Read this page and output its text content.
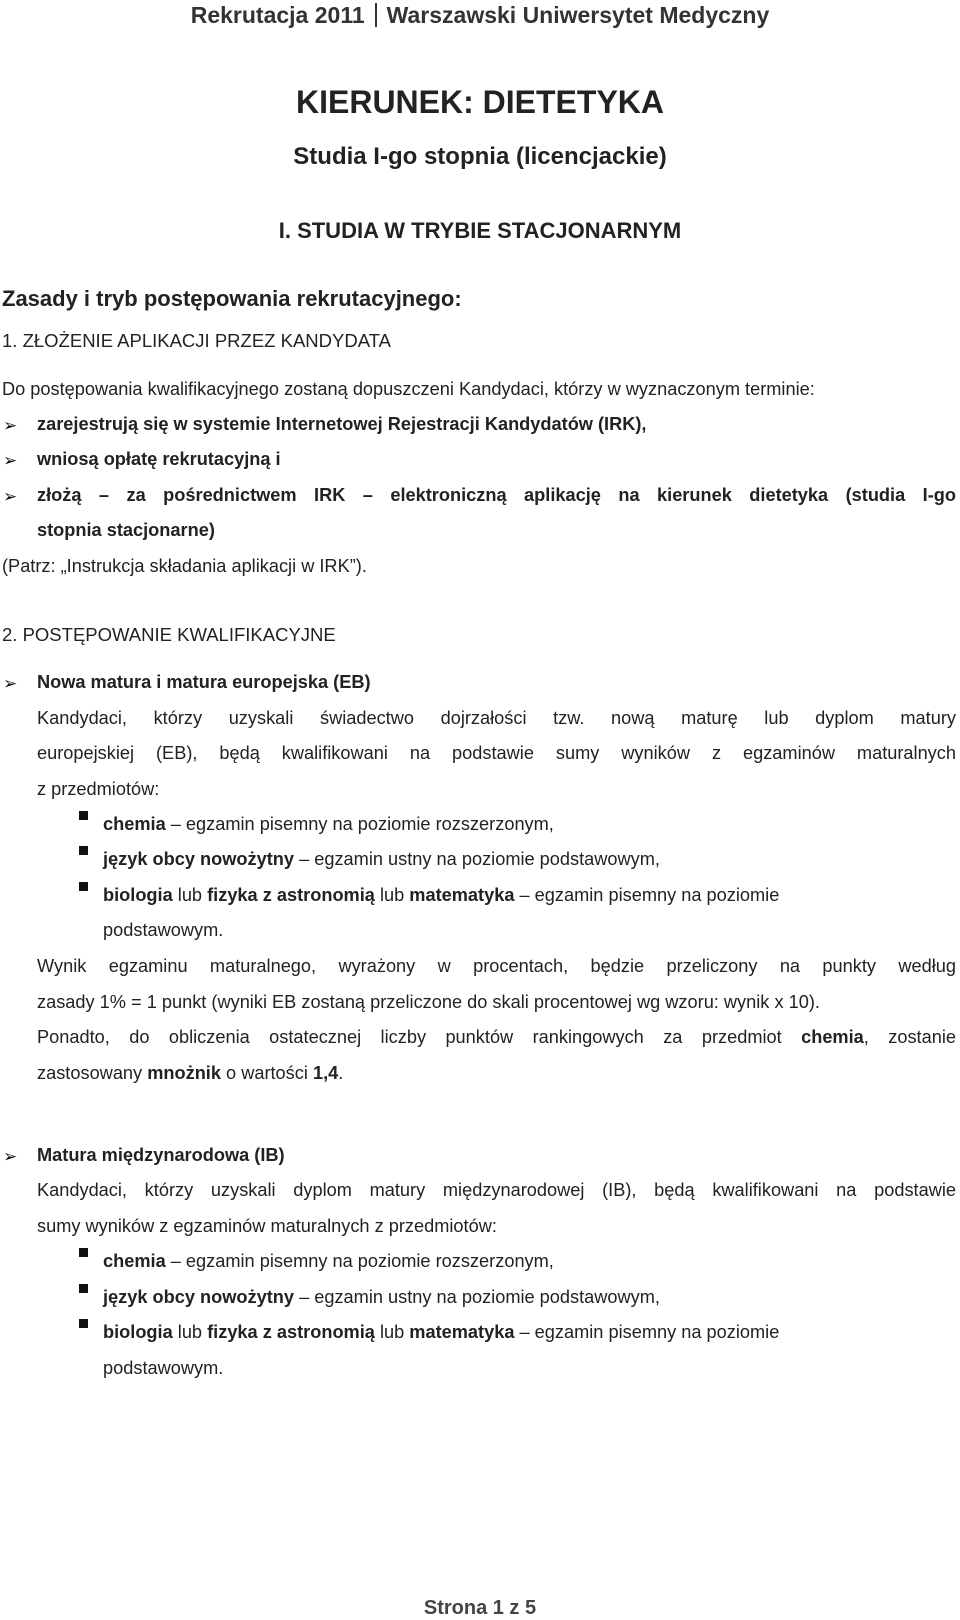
Rekrutacja 2011 Warszawski Uniwersytet Medyczny
KIERUNEK: DIETETYKA
Studia I-go stopnia (licencjackie)
I. STUDIA W TRYBIE STACJONARNYM
Zasady i tryb postępowania rekrutacyjnego:
1. ZŁOŻENIE APLIKACJI PRZEZ KANDYDATA
Do postępowania kwalifikacyjnego zostaną dopuszczeni Kandydaci, którzy w wyznaczonym terminie:
➢ zarejestrują się w systemie Internetowej Rejestracji Kandydatów (IRK),
➢ wniosą opłatę rekrutacyjną i
➢ złożą – za pośrednictwem IRK – elektroniczną aplikację na kierunek dietetyka (studia I-go
stopnia stacjonarne)
(Patrz: „Instrukcja składania aplikacji w IRK”).
2. POSTĘPOWANIE KWALIFIKACYJNE
➢ Nowa matura i matura europejska (EB)
Kandydaci, którzy uzyskali świadectwo dojrzałości tzw. nową maturę lub dyplom matury
europejskiej (EB), będą kwalifikowani na podstawie sumy wyników z egzaminów maturalnych
z przedmiotów:
chemia – egzamin pisemny na poziomie rozszerzonym,
język obcy nowożytny – egzamin ustny na poziomie podstawowym,
biologia lub fizyka z astronomią lub matematyka – egzamin pisemny na poziomie
podstawowym.
Wynik egzaminu maturalnego, wyrażony w procentach, będzie przeliczony na punkty według
zasady 1% = 1 punkt (wyniki EB zostaną przeliczone do skali procentowej wg wzoru: wynik x 10).
Ponadto, do obliczenia ostatecznej liczby punktów rankingowych za przedmiot chemia, zostanie
zastosowany mnożnik o wartości 1,4.
➢ Matura międzynarodowa (IB)
Kandydaci, którzy uzyskali dyplom matury międzynarodowej (IB), będą kwalifikowani na podstawie
sumy wyników z egzaminów maturalnych z przedmiotów:
chemia – egzamin pisemny na poziomie rozszerzonym,
język obcy nowożytny – egzamin ustny na poziomie podstawowym,
biologia lub fizyka z astronomią lub matematyka – egzamin pisemny na poziomie
podstawowym.
Strona 1 z 5
